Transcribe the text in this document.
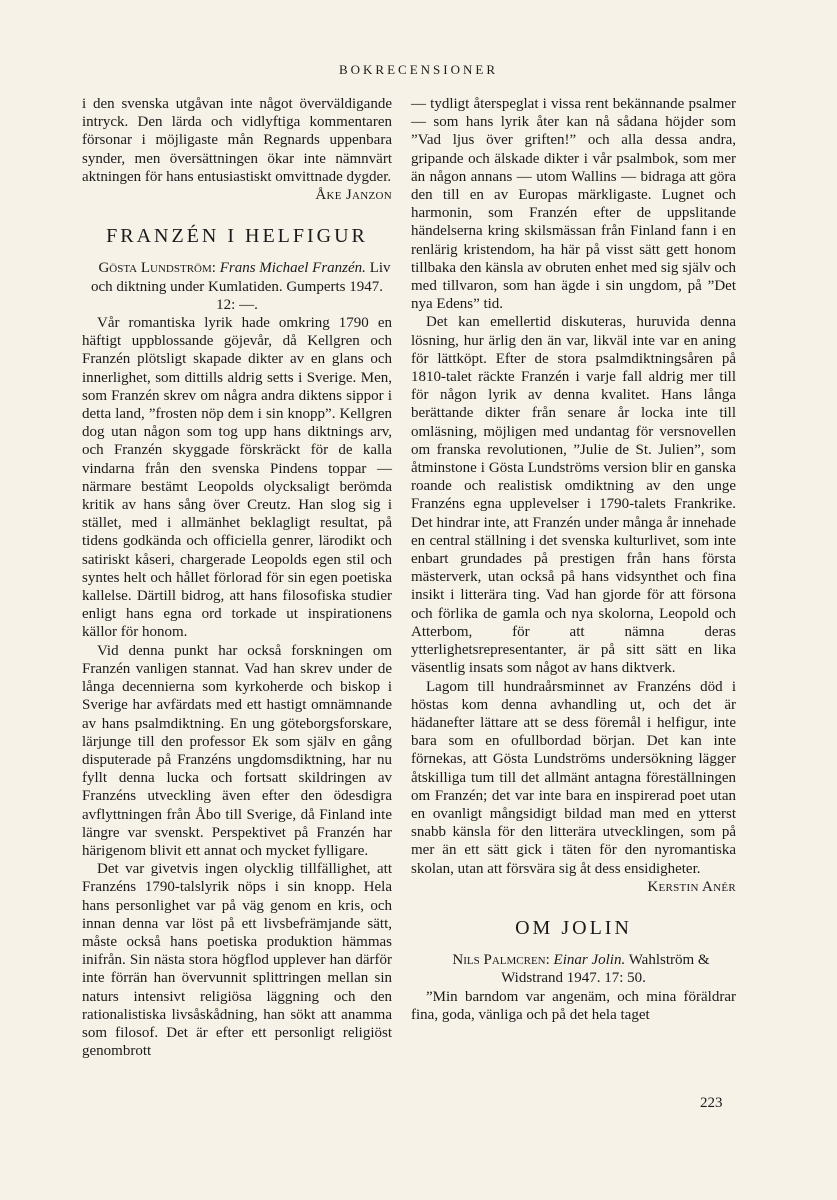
BOKRECENSIONER

i den svenska utgåvan inte något överväldigande intryck. Den lärda och vidlyftiga kommentaren försonar i möjligaste mån Regnards uppenbara synder, men översättningen ökar inte nämnvärt aktningen för hans entusiastiskt omvittnade dygder.
Åke Janzon

FRANZÉN I HELFIGUR

Gösta Lundström: Frans Michael Franzén. Liv och diktning under Kumlatiden. Gumperts 1947. 12: —.

Vår romantiska lyrik hade omkring 1790 en häftigt uppblossande göjevår, då Kellgren och Franzén plötsligt skapade dikter av en glans och innerlighet, som dittills aldrig setts i Sverige. Men, som Franzén skrev om några andra diktens sippor i detta land, ”frosten nöp dem i sin knopp”. Kellgren dog utan någon som tog upp hans diktnings arv, och Franzén skyggade förskräckt för de kalla vindarna från den svenska Pindens toppar — närmare bestämt Leopolds olycksaligt berömda kritik av hans sång över Creutz. Han slog sig i stället, med i allmänhet beklagligt resultat, på tidens godkända och officiella genrer, lärodikt och satiriskt kåseri, chargerade Leopolds egen stil och syntes helt och hållet förlorad för sin egen poetiska kallelse. Därtill bidrog, att hans filosofiska studier enligt hans egna ord torkade ut inspirationens källor för honom.

Vid denna punkt har också forskningen om Franzén vanligen stannat. Vad han skrev under de långa decennierna som kyrkoherde och biskop i Sverige har avfärdats med ett hastigt omnämnande av hans psalmdiktning. En ung göteborgsforskare, lärjunge till den professor Ek som själv en gång disputerade på Franzéns ungdomsdiktning, har nu fyllt denna lucka och fortsatt skildringen av Franzéns utveckling även efter den ödesdigra avflyttningen från Åbo till Sverige, då Finland inte längre var svenskt. Perspektivet på Franzén har härigenom blivit ett annat och mycket fylligare.

Det var givetvis ingen olycklig tillfällighet, att Franzéns 1790-talslyrik nöps i sin knopp. Hela hans personlighet var på väg genom en kris, och innan denna var löst på ett livsbefrämjande sätt, måste också hans poetiska produktion hämmas inifrån. Sin nästa stora högflod upplever han därför inte förrän han övervunnit splittringen mellan sin naturs intensivt religiösa läggning och den rationalistiska livsåskådning, han sökt att anamma som filosof. Det är efter ett personligt religiöst genombrott

— tydligt återspeglat i vissa rent bekännande psalmer — som hans lyrik åter kan nå sådana höjder som ”Vad ljus över griften!” och alla dessa andra, gripande och älskade dikter i vår psalmbok, som mer än någon annans — utom Wallins — bidraga att göra den till en av Europas märkligaste. Lugnet och harmonin, som Franzén efter de uppslitande händelserna kring skilsmässan från Finland fann i en renlärig kristendom, ha här på visst sätt gett honom tillbaka den känsla av obruten enhet med sig själv och med tillvaron, som han ägde i sin ungdom, på ”Det nya Edens” tid.

Det kan emellertid diskuteras, huruvida denna lösning, hur ärlig den än var, likväl inte var en aning för lättköpt. Efter de stora psalmdiktningsåren på 1810-talet räckte Franzén i varje fall aldrig mer till för någon lyrik av denna kvalitet. Hans långa berättande dikter från senare år locka inte till omläsning, möjligen med undantag för versnovellen om franska revolutionen, ”Julie de St. Julien”, som åtminstone i Gösta Lundströms version blir en ganska roande och realistisk omdiktning av den unge Franzéns egna upplevelser i 1790-talets Frankrike. Det hindrar inte, att Franzén under många år innehade en central ställning i det svenska kulturlivet, som inte enbart grundades på prestigen från hans första mästerverk, utan också på hans vidsynthet och fina insikt i litterära ting. Vad han gjorde för att försona och förlika de gamla och nya skolorna, Leopold och Atterbom, för att nämna deras ytterlighetsrepresentanter, är på sitt sätt en lika väsentlig insats som något av hans diktverk.

Lagom till hundraårsminnet av Franzéns död i höstas kom denna avhandling ut, och det är hädanefter lättare att se dess föremål i helfigur, inte bara som en ofullbordad början. Det kan inte förnekas, att Gösta Lundströms undersökning lägger åtskilliga tum till det allmänt antagna föreställningen om Franzén; det var inte bara en inspirerad poet utan en ovanligt mångsidigt bildad man med en ytterst snabb känsla för den litterära utvecklingen, som på mer än ett sätt gick i täten för den nyromantiska skolan, utan att försvära sig åt dess ensidigheter.
Kerstin Anér

OM JOLIN

Nils Palmcren: Einar Jolin. Wahlström & Widstrand 1947. 17: 50.

”Min barndom var angenäm, och mina föräldrar fina, goda, vänliga och på det hela taget

223
